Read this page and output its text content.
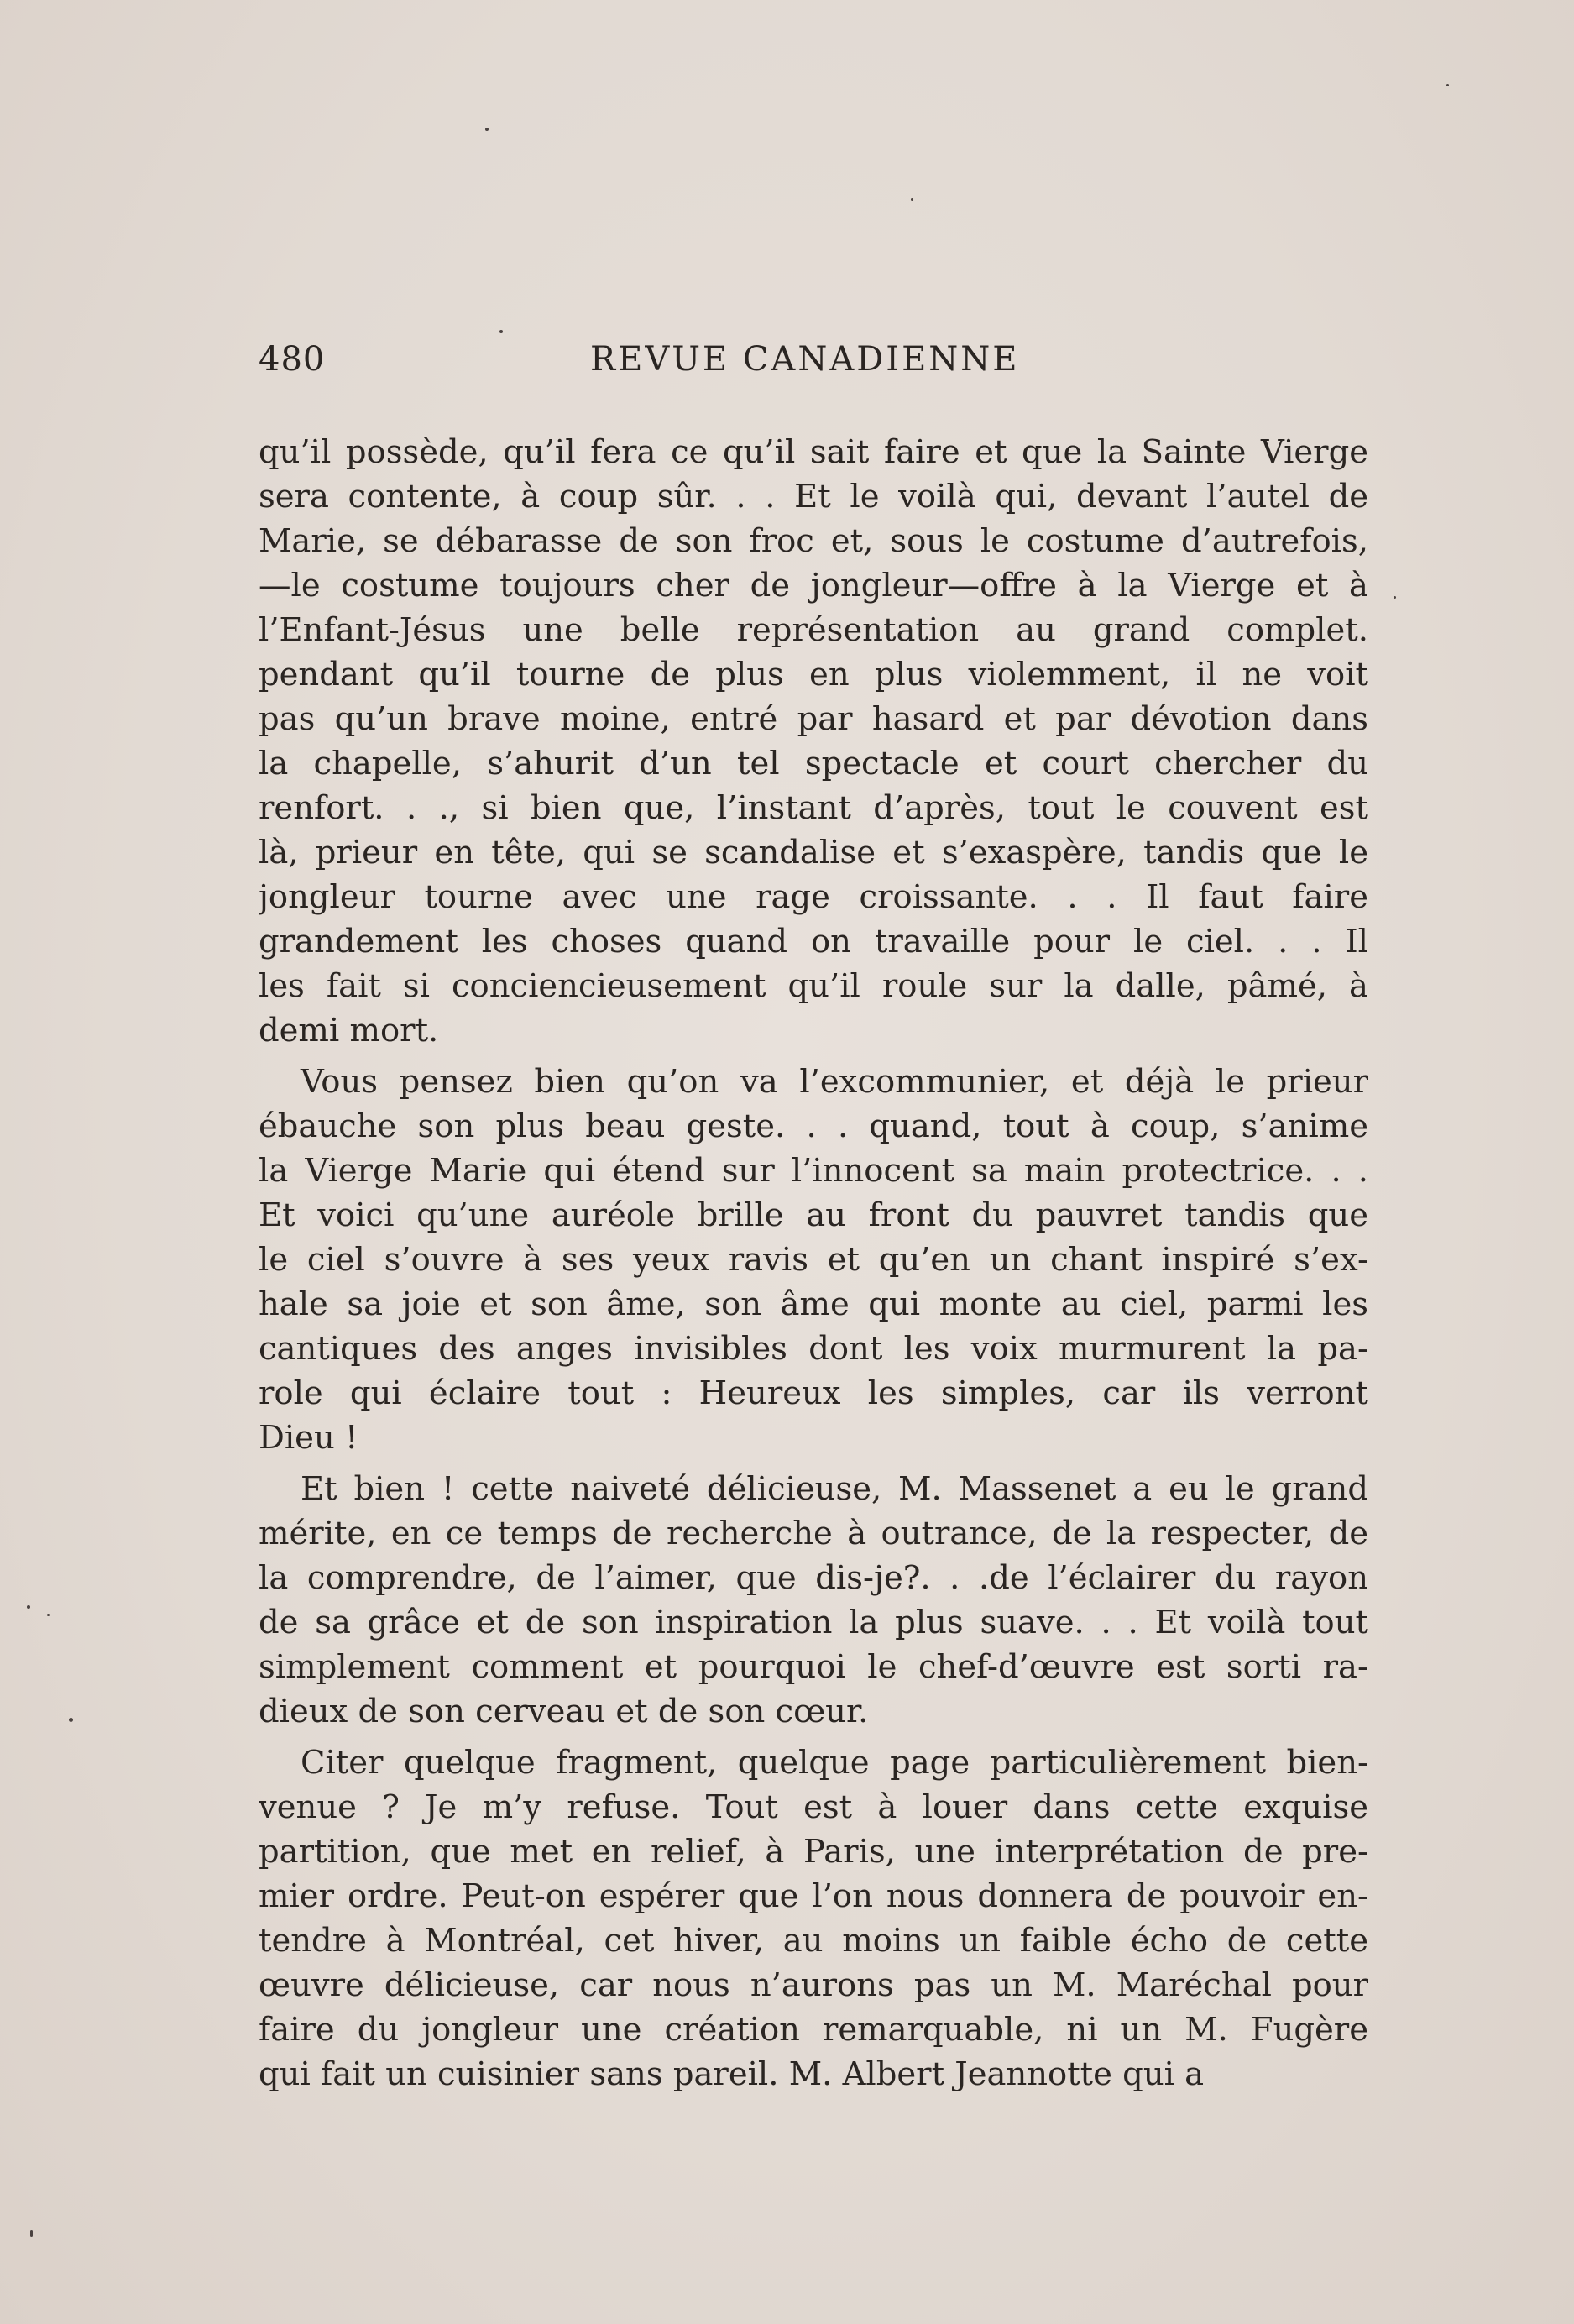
480	REVUE CANADIENNE
qu’il possède, qu’il fera ce qu’il sait faire et que la Sainte Vierge
sera contente, à coup sûr. . . Et le voilà qui, devant l’autel de
Marie, se débarasse de son froc et, sous le costume d’autrefois,
—le costume toujours cher de jongleur—offre à la Vierge et à
l’Enfant-Jésus une belle représentation au grand complet.
pendant qu’il tourne de plus en plus violemment, il ne voit
pas qu’un brave moine, entré par hasard et par dévotion dans
la chapelle, s’ahurit d’un tel spectacle et court chercher du
renfort. . ., si bien que, l’instant d’après, tout le couvent est
là, prieur en tête, qui se scandalise et s’exaspère, tandis que le
jongleur tourne avec une rage croissante. . . Il faut faire
grandement les choses quand on travaille pour le ciel. . . Il
les fait si concienciеusement qu’il roule sur la dalle, pâmé, à
demi mort.
Vous pensez bien qu’on va l’excommunier, et déjà le prieur
ébauche son plus beau geste. . . quand, tout à coup, s’anime
la Vierge Marie qui étend sur l’innocent sa main protectrice. . .
Et voici qu’une auréole brille au front du pauvret tandis que
le ciel s’ouvre à ses yeux ravis et qu’en un chant inspiré s’ex-
hale sa joie et son âme, son âme qui monte au ciel, parmi les
cantiques des anges invisibles dont les voix murmurent la pa-
role qui éclaire tout : Heureux les simples, car ils verront
Dieu !
Et bien ! cette naiveté délicieuse, M. Massenet a eu le grand
mérite, en ce temps de recherche à outrance, de la respecter, de
la comprendre, de l’aimer, que dis-je?. . .de l’éclairer du rayon
de sa grâce et de son inspiration la plus suave. . . Et voilà tout
simplement comment et pourquoi le chef-d’œuvre est sorti ra-
dieux de son cerveau et de son cœur.
Citer quelque fragment, quelque page particulièrement bien-
venue ? Je m’y refuse. Tout est à louer dans cette exquise
partition, que met en relief, à Paris, une interprétation de pre-
mier ordre. Peut-on espérer que l’on nous donnera de pouvoir en-
tendre à Montréal, cet hiver, au moins un faible écho de cette
œuvre délicieuse, car nous n’aurons pas un M. Maréchal pour
faire du jongleur une création remarquable, ni un M. Fugère
qui fait un cuisinier sans pareil. M. Albert Jeannotte qui a
